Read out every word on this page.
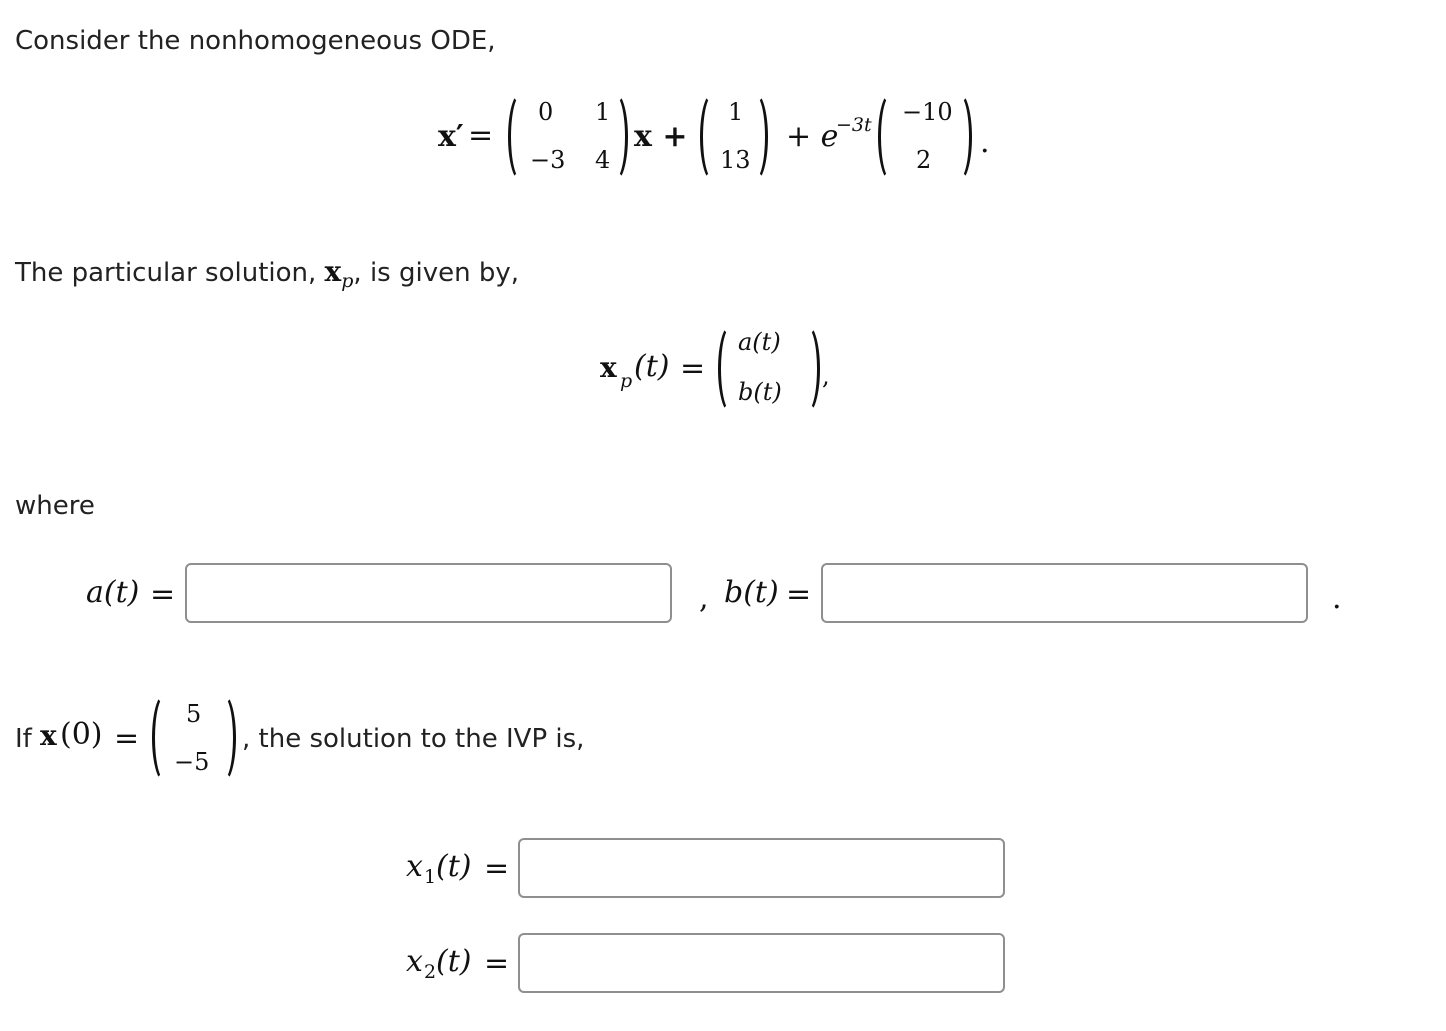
Consider the nonhomogeneous ODE,
x′ =
0 1
−3 4
x +
1
13
+ e
−3t −10
2 .
The particular solution, $x_p$, is given by,
x p (t) =
a(t)
b(t)
,
where
a(t) =	, b(t) =	.
If x (0) =
5
−5
, the solution to the IVP is,
x 1 (t) =
x 2 (t) =
